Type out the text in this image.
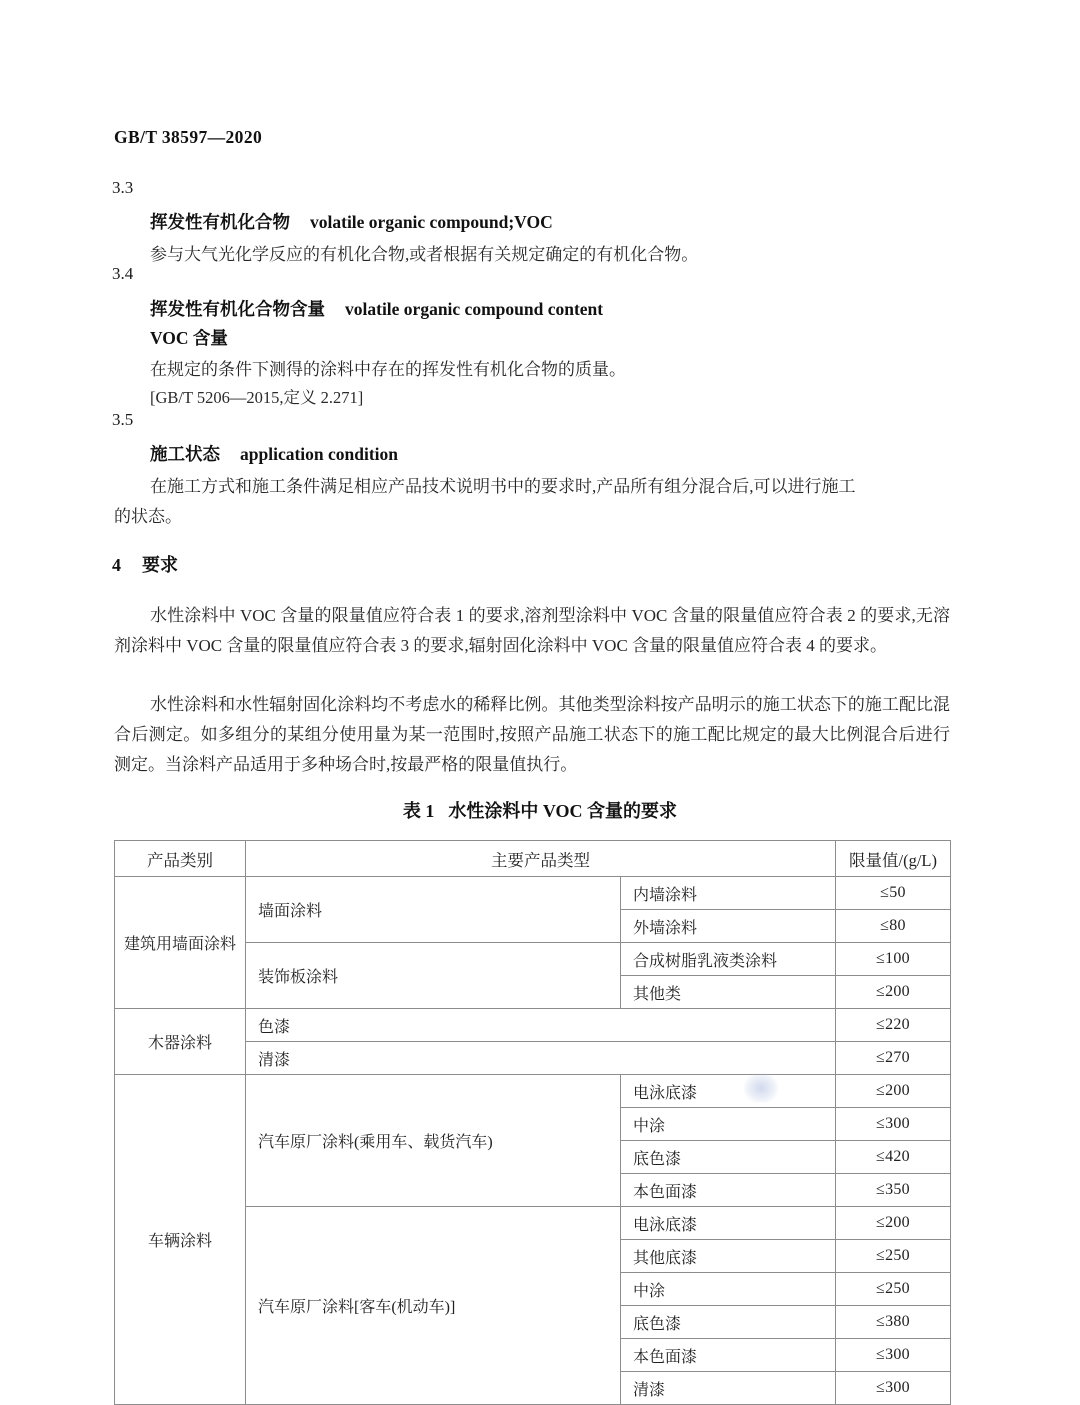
GB/T 38597—2020
3.3
挥发性有机化合物 volatile organic compound;VOC
参与大气光化学反应的有机化合物,或者根据有关规定确定的有机化合物。
3.4
挥发性有机化合物含量 volatile organic compound content
VOC 含量
在规定的条件下测得的涂料中存在的挥发性有机化合物的质量。
[GB/T 5206—2015,定义 2.271]
3.5
施工状态 application condition
在施工方式和施工条件满足相应产品技术说明书中的要求时,产品所有组分混合后,可以进行施工
的状态。
4 要求
水性涂料中 VOC 含量的限量值应符合表 1 的要求,溶剂型涂料中 VOC 含量的限量值应符合表 2 的要求,无溶剂涂料中 VOC 含量的限量值应符合表 3 的要求,辐射固化涂料中 VOC 含量的限量值应符合表 4 的要求。
水性涂料和水性辐射固化涂料均不考虑水的稀释比例。其他类型涂料按产品明示的施工状态下的施工配比混合后测定。如多组分的某组分使用量为某一范围时,按照产品施工状态下的施工配比规定的最大比例混合后进行测定。当涂料产品适用于多种场合时,按最严格的限量值执行。
表 1 水性涂料中 VOC 含量的要求
产品类别	主要产品类型		限量值/(g/L)
建筑用墙面涂料	墙面涂料	内墙涂料	≤50
		外墙涂料	≤80
	装饰板涂料	合成树脂乳液类涂料	≤100
		其他类	≤200
木器涂料	色漆		≤220
	清漆		≤270
车辆涂料	汽车原厂涂料(乘用车、载货汽车)	电泳底漆	≤200
		中涂	≤300
		底色漆	≤420
		本色面漆	≤350
	汽车原厂涂料[客车(机动车)]	电泳底漆	≤200
		其他底漆	≤250
		中涂	≤250
		底色漆	≤380
		本色面漆	≤300
		清漆	≤300
